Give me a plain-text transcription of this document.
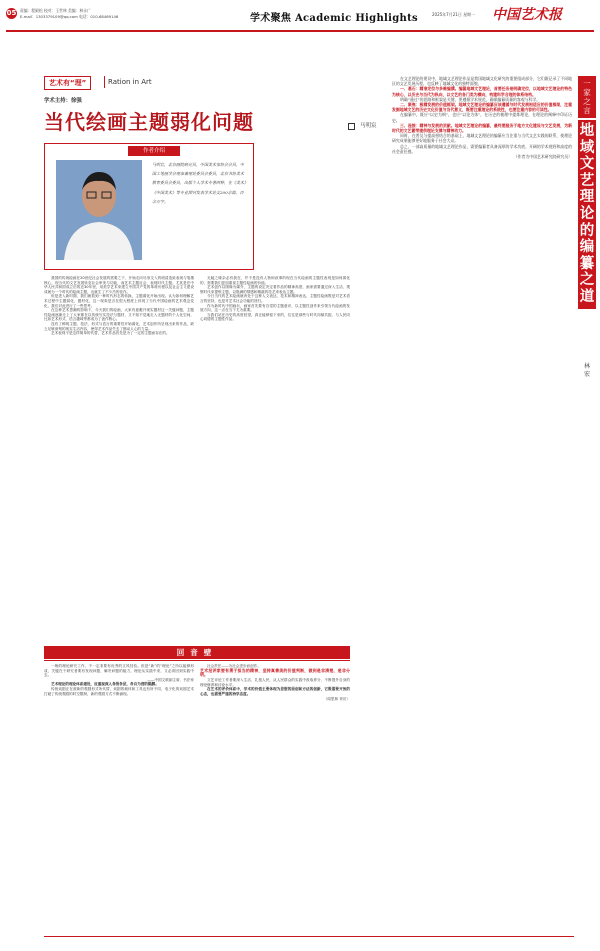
05 责编：程殿松 校对：王世林 美编：林永广
E-mail：1303379109@qq.com 电话：010-68469146	学术聚焦 Academic Highlights	2025年7月21日 星期一 中国艺术报
艺术有“理”	Ration in Art
学术主持：徐强
当代绘画主题弱化问题	马明宸
作者介绍
马明宸，北京画院研究员，中国美术家协会会员，中国工笔画学会理事兼理论委员会委员，北京书协美术教育委员会委员，出版个人学术专著四种，在《美术》《中国美术》等专业期刊发表学术论文200余篇，百余万字。
我国的传统绘画在20世纪社会发展的需要之下，开始走向尽形交入的明清造致表现与笔墨核心，现当代的文艺发展转变社会审美与功能，而艺术主题社会，表现时代主题。尤其是在中华人民共和国成立后的近30年里，用美学艺术来建立中国共产党的革命历程以及社会主义建设成就为一个时代的绘画主题，也就生了不少杰的佳作。
但是进入新时期，我们就看到一种时代形态的转换，主题弱化开始出现。认为如何理解艺术过程中主题弱化，题材化，这一现象是否在很大程度上体现了当代中国绘画的艺术观念变化，我们对此进行了一些思考。
在这种艺术思潮的影响下，今天我们的绘画，大家有意避开现实题材这一关键问题，主题性绘画逐渐走上了大家都在以传统写实技法与题材，又不知不觉地走入无题材的个人化空间，比如艺术形式、语言趣味等都成为了创作核心。
没有了鲜明主题，技法、形式与语言的重要性开始弱化，艺术创作所呈现出来的作品，缺乏足够深刻的现实生活内容，使得艺术作品失去了撼动人心的力量。
艺术表现不是这样简单的代替，艺术作品首先是为了一定的主题而存在的。
无疑之缘杂必有我在，并不是没有人物和叙事的现在当代绘画的主题性表现是如何弱化的，需要我们更加重视主题性绘画的价值。
艺术创作以图像为媒介，主题的设定决定着作品的精神高度，画家需要通过深入生活、观察时代来提炼主题，以饱满的情感和精湛的技艺来表达主题。
今日当代的艺术绘画就该处于这种人文表达，技术和精神表达，主题性绘画既是对艺术语言的坚持，也是对艺术社会功能的回归。
作为新时代中国画坛，画家首先要有自觉的主题意识，以主题性创作来引领当代绘画的发展方向，这一点在当下尤为重要。
当我们站在历史的高度回望，真正能够留下来的，往往是那些与时代同频共振、与人民同心同德的主题性作品。
回音壁
一般的理论研究工作，不一定非要有优秀的文风经验。但是“新”的“理论”之所以能够形成，关键在于研究者要有发现问题、解决问题的能力，理论从实践中来，又必须回到实践中去。
——中国文联副主席、书法家
艺术理论的理论体系建设，应重视深入各级各层，各自为营的隔膜。
传统戏剧正在被新的观剧形式所代替，戏剧的载体和工具也有所不同，电子化的戏剧艺术打破了传统观剧的时空限制，新的观剧方式不断涌现。
社会责任——为社会进步而创作。
艺术批评家要有勇于担当的精神，坚持真善美的价值判断，做到是非清楚、是非分明。
文艺评论工作者要深入生活、扎根人民，从人民群众的实践中汲取养分，不断提升自身的理论修养和评论水平。
在艺术的评价体系中，学术的价值主要体现为思想的原创和方法的创新，它既需要开放的心态，也需要严谨的治学态度。
（周思林 采访）
在文艺理论的建设中，地域文艺理论作品是我国地域文化研究的重要组成部分，它们既记录了不同地区的文艺发展历程，也反映了地域文化的独特面貌。
一、基石：精准定位与多维编撰。编纂地域文艺理论，首要任务是明确定位，以地域文艺理论的特色为核心，以历史与当代为纵向，以文艺的各门类为横向，构建科学合理的体系结构。
明确“通过”的思路和框架是关键，要遵循学术规范，确保编纂质量的客观与科学。
二、聚焦：极精发展的价值框架。地域文艺理论的编纂应该遵循与时代发展相适应的价值框架，注重发掘地域文艺的历史文化价值与当代意义，既要注重理论的系统性，也要注重内容的可读性。
在编纂中，既应“以史为纲”，也应“以论为体”，在历史的梳理中提炼理论，在理论的阐释中印证历史。
三、连接：精神与发展的贡献。地域文艺理论的编纂，最终要服务于地方文化建设与文艺发展，为新时代的文艺繁荣提供理论支撑与精神动力。
同时，在普及与提高相结合的基础上，地域文艺理论的编纂应当注重与当代文艺实践的联系，使理论研究成果能够更好地服务于社会大众。
总之，一部高质量的地域文艺理论作品，需要编纂者具备深厚的学术功底、开阔的学术视野和高度的社会责任感。
（作者为中国艺术研究院研究员）
一
家
之
言

地
域
文
艺
理
论
的
编
纂
之
道

林
宏
